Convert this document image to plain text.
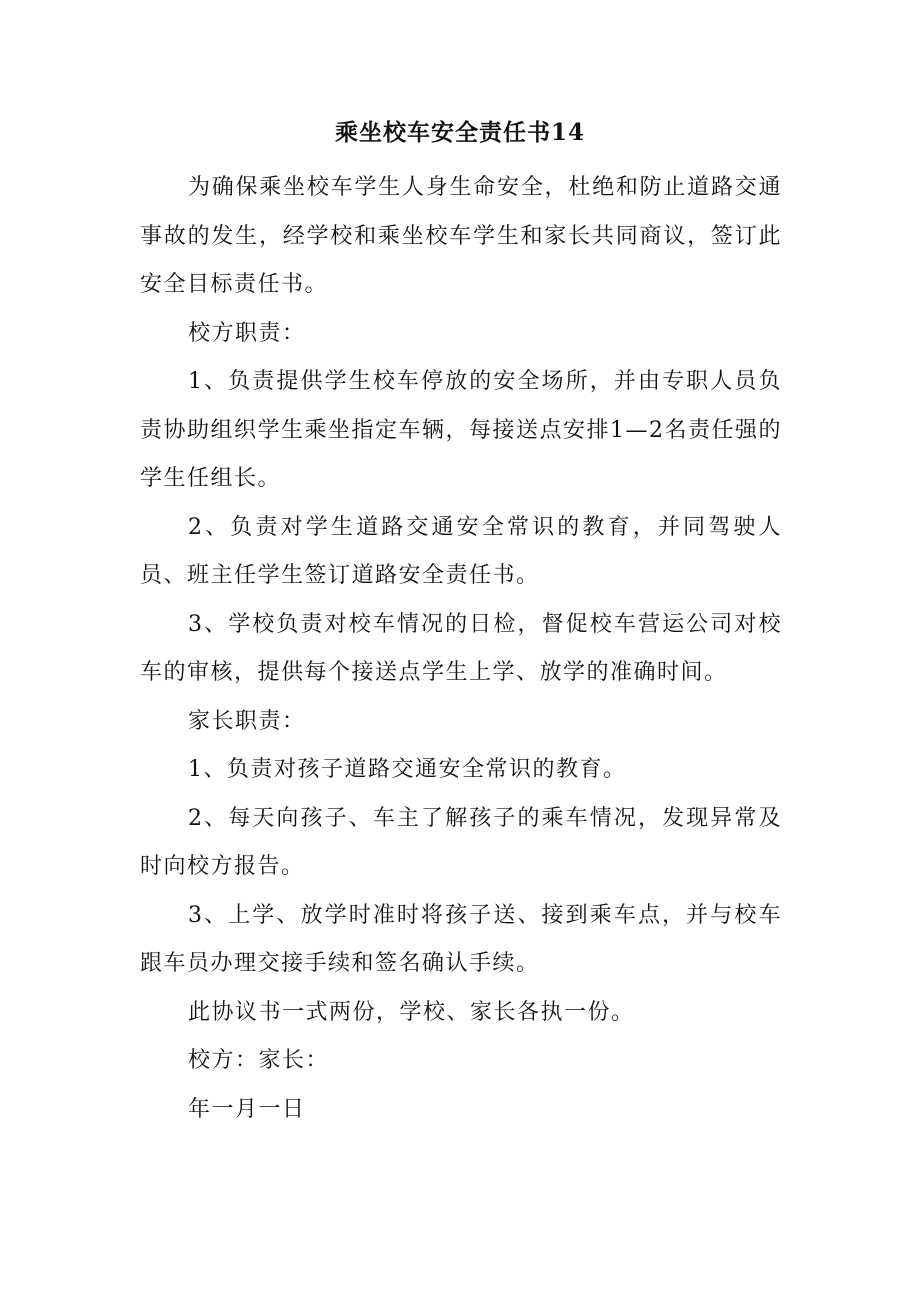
乘坐校车安全责任书14

为确保乘坐校车学生人身生命安全，杜绝和防止道路交通事故的发生，经学校和乘坐校车学生和家长共同商议，签订此安全目标责任书。

校方职责：

1、负责提供学生校车停放的安全场所，并由专职人员负责协助组织学生乘坐指定车辆，每接送点安排1—2名责任强的学生任组长。

2、负责对学生道路交通安全常识的教育，并同驾驶人员、班主任学生签订道路安全责任书。

3、学校负责对校车情况的日检，督促校车营运公司对校车的审核，提供每个接送点学生上学、放学的准确时间。

家长职责：

1、负责对孩子道路交通安全常识的教育。

2、每天向孩子、车主了解孩子的乘车情况，发现异常及时向校方报告。

3、上学、放学时准时将孩子送、接到乘车点，并与校车跟车员办理交接手续和签名确认手续。

此协议书一式两份，学校、家长各执一份。

校方：家长：

年一月一日
